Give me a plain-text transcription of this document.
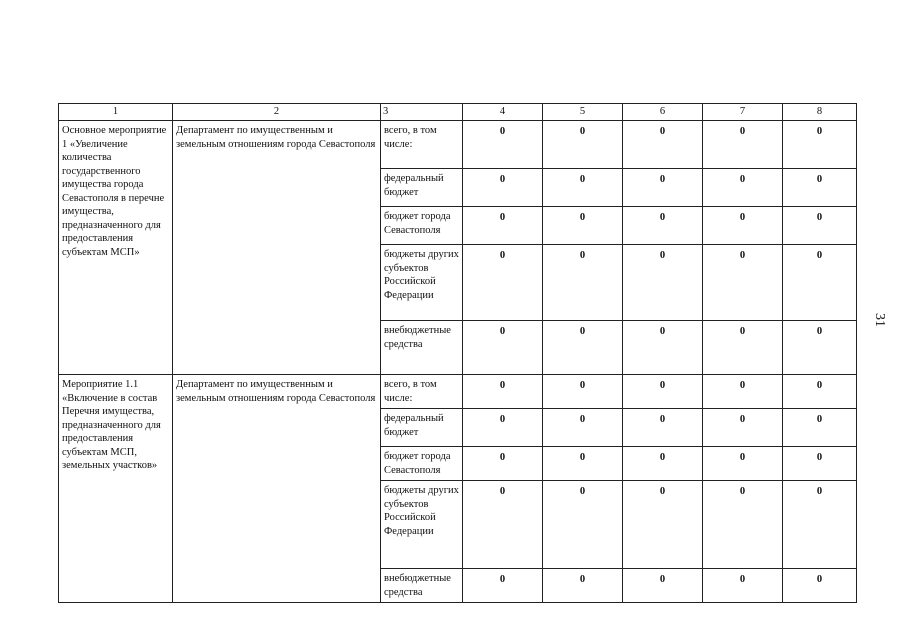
1	2	3	4	5	6	7	8
Основное мероприятие 1 «Увеличение количества государственного имущества города Севастополя в перечне имущества, предназначенного для предоставления субъектам МСП»	Департамент по имущественным и земельным отношениям города Севастополя	всего, в том числе:	0	0	0	0	0
		федеральный бюджет	0	0	0	0	0
		бюджет города Севастополя	0	0	0	0	0
		бюджеты других субъектов Российской Федерации	0	0	0	0	0
		внебюджетные средства	0	0	0	0	0
Мероприятие 1.1 «Включение в состав Перечня имущества, предназначенного для предоставления субъектам МСП, земельных участков»	Департамент по имущественным и земельным отношениям города Севастополя	всего, в том числе:	0	0	0	0	0
		федеральный бюджет	0	0	0	0	0
		бюджет города Севастополя	0	0	0	0	0
		бюджеты других субъектов Российской Федерации	0	0	0	0	0
		внебюджетные средства	0	0	0	0	0
31
